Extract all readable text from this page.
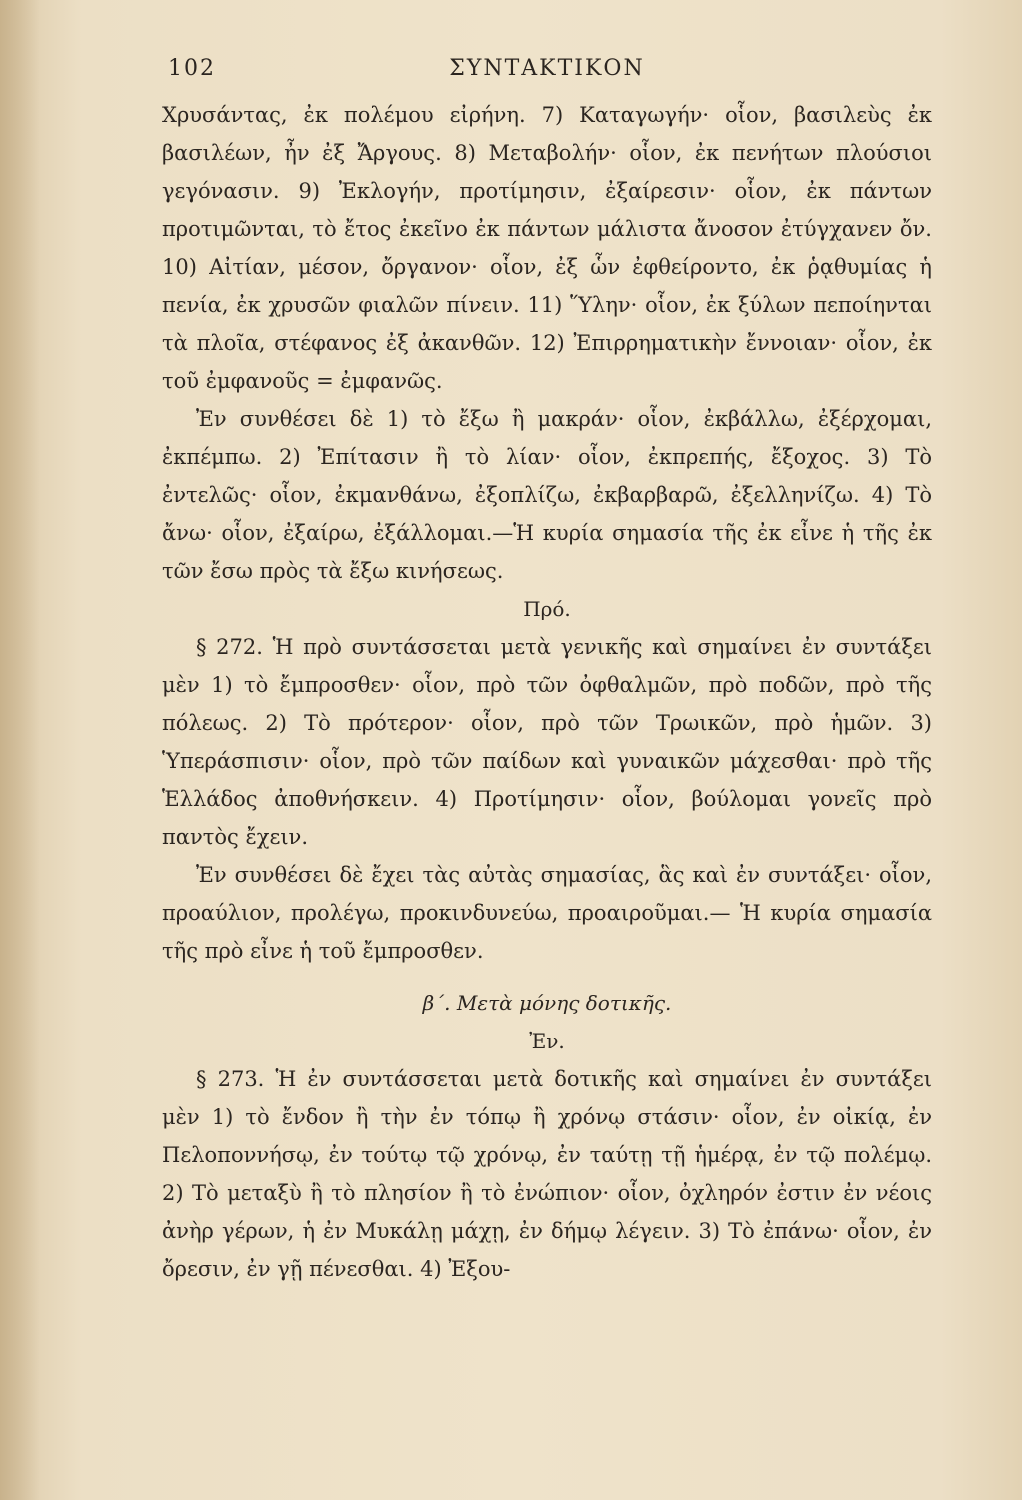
102	ΣΥΝΤΑΚΤΙΚΟΝ

Χρυσάντας, ἐκ πολέμου εἰρήνη. 7) Καταγωγήν· οἷον, βασιλεὺς ἐκ βασιλέων, ἦν ἐξ Ἄργους. 8) Μεταβολήν· οἷον, ἐκ πενήτων πλούσιοι γεγόνασιν. 9) Ἐκλογήν, προτίμησιν, ἐξαίρεσιν· οἷον, ἐκ πάντων προτιμῶνται, τὸ ἔτος ἐκεῖνο ἐκ πάντων μάλιστα ἄνοσον ἐτύγχανεν ὄν. 10) Αἰτίαν, μέσον, ὄργανον· οἷον, ἐξ ὧν ἐφθείροντο, ἐκ ῥᾳθυμίας ἡ πενία, ἐκ χρυσῶν φιαλῶν πίνειν. 11) Ὕλην· οἷον, ἐκ ξύλων πεποίηνται τὰ πλοῖα, στέφανος ἐξ ἀκανθῶν. 12) Ἐπιρρηματικὴν ἔννοιαν· οἷον, ἐκ τοῦ ἐμφανοῦς = ἐμφανῶς.

Ἐν συνθέσει δὲ 1) τὸ ἔξω ἢ μακράν· οἷον, ἐκβάλλω, ἐξέρχομαι, ἐκπέμπω. 2) Ἐπίτασιν ἢ τὸ λίαν· οἷον, ἐκπρεπής, ἔξοχος. 3) Τὸ ἐντελῶς· οἷον, ἐκμανθάνω, ἐξοπλίζω, ἐκβαρβαρῶ, ἐξελληνίζω. 4) Τὸ ἄνω· οἷον, ἐξαίρω, ἐξάλλομαι.—Ἡ κυρία σημασία τῆς ἐκ εἶνε ἡ τῆς ἐκ τῶν ἔσω πρὸς τὰ ἔξω κινήσεως.

Πρό.

§ 272. Ἡ πρὸ συντάσσεται μετὰ γενικῆς καὶ σημαίνει ἐν συντάξει μὲν 1) τὸ ἔμπροσθεν· οἷον, πρὸ τῶν ὀφθαλμῶν, πρὸ ποδῶν, πρὸ τῆς πόλεως. 2) Τὸ πρότερον· οἷον, πρὸ τῶν Τρωικῶν, πρὸ ἡμῶν. 3) Ὑπεράσπισιν· οἷον, πρὸ τῶν παίδων καὶ γυναικῶν μάχεσθαι· πρὸ τῆς Ἑλλάδος ἀποθνήσκειν. 4) Προτίμησιν· οἷον, βούλομαι γονεῖς πρὸ παντὸς ἔχειν.

Ἐν συνθέσει δὲ ἔχει τὰς αὐτὰς σημασίας, ἃς καὶ ἐν συντάξει· οἷον, προαύλιον, προλέγω, προκινδυνεύω, προαιροῦμαι.— Ἡ κυρία σημασία τῆς πρὸ εἶνε ἡ τοῦ ἔμπροσθεν.

β΄. Μετὰ μόνης δοτικῆς.

Ἐν.

§ 273. Ἡ ἐν συντάσσεται μετὰ δοτικῆς καὶ σημαίνει ἐν συντάξει μὲν 1) τὸ ἔνδον ἢ τὴν ἐν τόπῳ ἢ χρόνῳ στάσιν· οἷον, ἐν οἰκίᾳ, ἐν Πελοποννήσῳ, ἐν τούτῳ τῷ χρόνῳ, ἐν ταύτῃ τῇ ἡμέρᾳ, ἐν τῷ πολέμῳ. 2) Τὸ μεταξὺ ἢ τὸ πλησίον ἢ τὸ ἐνώπιον· οἷον, ὀχληρόν ἐστιν ἐν νέοις ἀνὴρ γέρων, ἡ ἐν Μυκάλῃ μάχῃ, ἐν δήμῳ λέγειν. 3) Τὸ ἐπάνω· οἷον, ἐν ὄρεσιν, ἐν γῇ πένεσθαι. 4) Ἐξου-
